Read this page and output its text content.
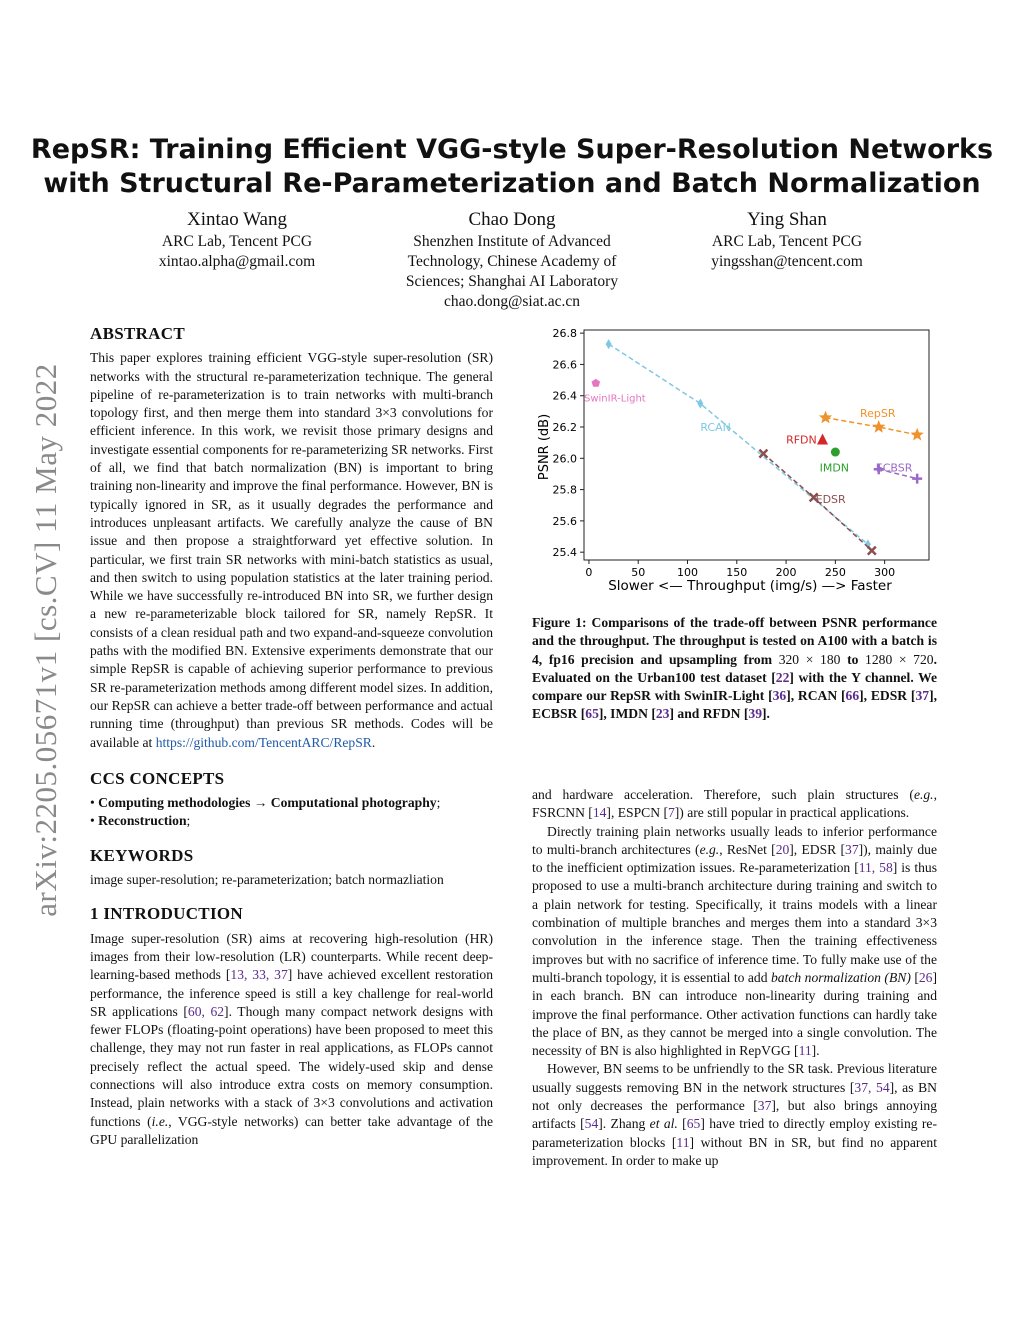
arXiv:2205.05671v1 [cs.CV] 11 May 2022
RepSR: Training Efficient VGG-style Super-Resolution Networks
with Structural Re-Parameterization and Batch Normalization
Xintao Wang
ARC Lab, Tencent PCG
xintao.alpha@gmail.com
Chao Dong
Shenzhen Institute of Advanced
Technology, Chinese Academy of
Sciences; Shanghai AI Laboratory
chao.dong@siat.ac.cn
Ying Shan
ARC Lab, Tencent PCG
yingsshan@tencent.com
ABSTRACT

This paper explores training efficient VGG-style super-resolution (SR) networks with the structural re-parameterization technique. The general pipeline of re-parameterization is to train networks with multi-branch topology first, and then merge them into standard 3×3 convolutions for efficient inference. In this work, we revisit those primary designs and investigate essential components for re-parameterizing SR networks. First of all, we find that batch normalization (BN) is important to bring training non-linearity and improve the final performance. However, BN is typically ignored in SR, as it usually degrades the performance and introduces unpleasant artifacts. We carefully analyze the cause of BN issue and then propose a straightforward yet effective solution. In particular, we first train SR networks with mini-batch statistics as usual, and then switch to using population statistics at the later training period. While we have successfully re-introduced BN into SR, we further design a new re-parameterizable block tailored for SR, namely RepSR. It consists of a clean residual path and two expand-and-squeeze convolution paths with the modified BN. Extensive experiments demonstrate that our simple RepSR is capable of achieving superior performance to previous SR re-parameterization methods among different model sizes. In addition, our RepSR can achieve a better trade-off between performance and actual running time (throughput) than previous SR methods. Codes will be available at https://github.com/TencentARC/RepSR.

CCS CONCEPTS
• Computing methodologies → Computational photography;
• Reconstruction;
KEYWORDS
image super-resolution; re-parameterization; batch normazliation
1 INTRODUCTION

Image super-resolution (SR) aims at recovering high-resolution (HR) images from their low-resolution (LR) counterparts. While recent deep-learning-based methods [13, 33, 37] have achieved excellent restoration performance, the inference speed is still a key challenge for real-world SR applications [60, 62]. Though many compact network designs with fewer FLOPs (floating-point operations) have been proposed to meet this challenge, they may not run faster in real applications, as FLOPs cannot precisely reflect the actual speed. The widely-used skip and dense connections will also introduce extra costs on memory consumption. Instead, plain networks with a stack of 3×3 convolutions and activation functions (i.e., VGG-style networks) can better take advantage of the GPU parallelization

0	50	100	150	200	250	300
25.4
25.6
25.8
26.0
26.2
26.4
26.6
26.8
RCAN
EDSR
RepSR
ECBSR
SwinIR-Light
IMDN
RFDN
PSNR (dB)
Slower <— Throughput (img/s) —> Faster
Figure 1: Comparisons of the trade-off between PSNR performance and the throughput. The throughput is tested on A100 with a batch is 4, fp16 precision and upsampling from 320 × 180 to 1280 × 720. Evaluated on the Urban100 test dataset [22] with the Y channel. We compare our RepSR with SwinIR-Light [36], RCAN [66], EDSR [37], ECBSR [65], IMDN [23] and RFDN [39].

and hardware acceleration. Therefore, such plain structures (e.g., FSRCNN [14], ESPCN [7]) are still popular in practical applications.

Directly training plain networks usually leads to inferior performance to multi-branch architectures (e.g., ResNet [20], EDSR [37]), mainly due to the inefficient optimization issues. Re-parameterization [11, 58] is thus proposed to use a multi-branch architecture during training and switch to a plain network for testing. Specifically, it trains models with a linear combination of multiple branches and merges them into a standard 3×3 convolution in the inference stage. Then the training effectiveness improves but with no sacrifice of inference time. To fully make use of the multi-branch topology, it is essential to add batch normalization (BN) [26] in each branch. BN can introduce non-linearity during training and improve the final performance. Other activation functions can hardly take the place of BN, as they cannot be merged into a single convolution. The necessity of BN is also highlighted in RepVGG [11].

However, BN seems to be unfriendly to the SR task. Previous literature usually suggests removing BN in the network structures [37, 54], as BN not only decreases the performance [37], but also brings annoying artifacts [54]. Zhang et al. [65] have tried to directly employ existing re-parameterization blocks [11] without BN in SR, but find no apparent improvement. In order to make up
